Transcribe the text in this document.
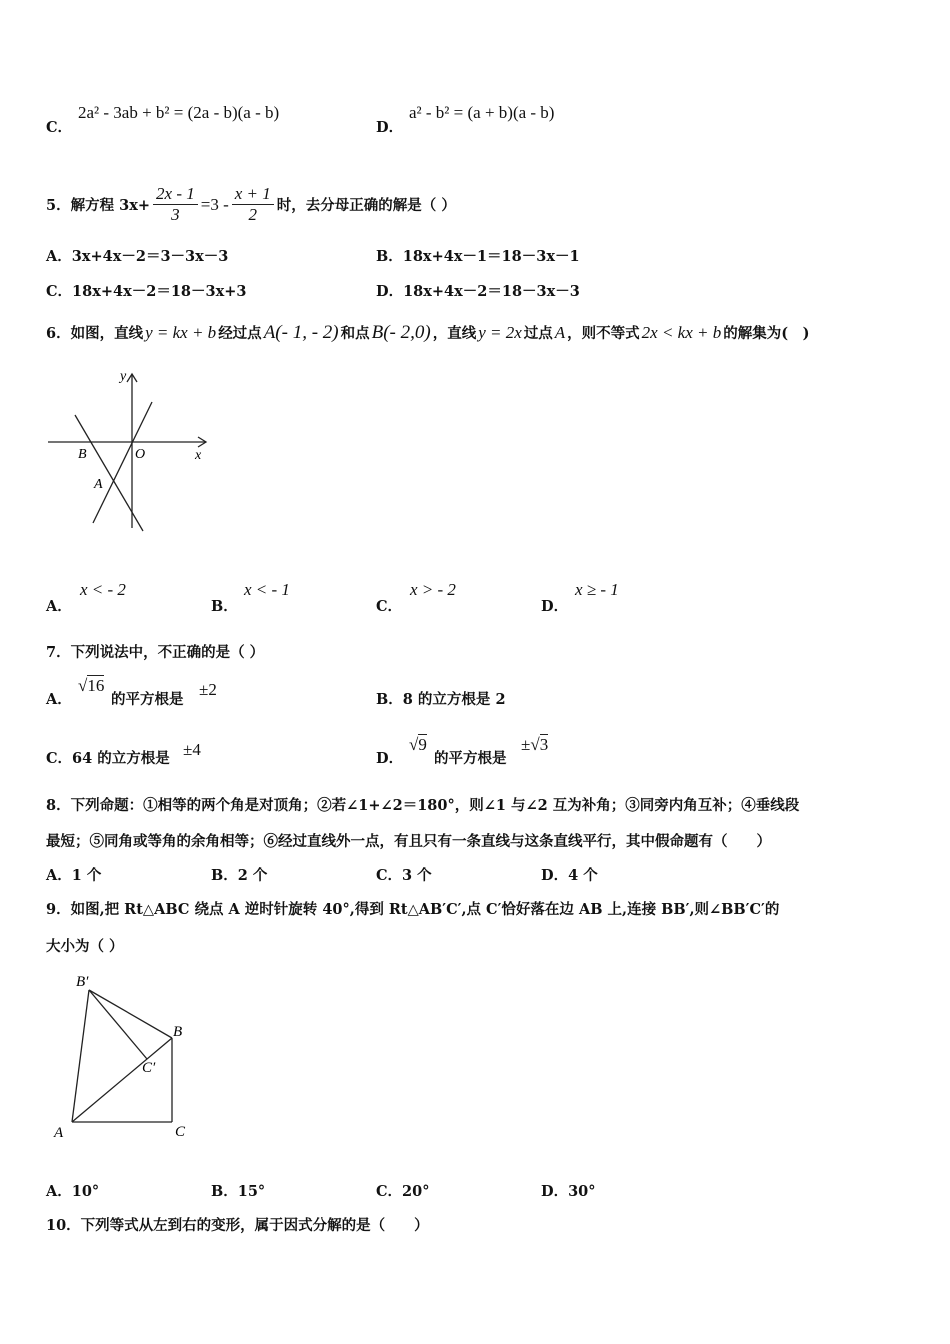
C．
2a² - 3ab + b² = (2a - b)(a - b)
D．
a² - b² = (a + b)(a - b)
5．解方程 $3x+ \frac{2x - 1}{3} =3 - \frac{x + 1}{2}$ 时，去分母正确的解是（ ）
A．3x+4x－2＝3－3x－3	B．18x+4x－1＝18－3x－1
C．18x+4x－2＝18－3x+3	D．18x+4x－2＝18－3x－3
6．如图，直线 y = kx + b 经过点 A(- 1, - 2) 和点 B(- 2,0) ，直线 y = 2x 过点 A ，则不等式 2x < kx + b 的解集为(　)
y
x
O
B
A
A．
x < - 2
B．
x < - 1
C．
x > - 2
D．
x ≥ - 1
7．下列说法中，不正确的是（ ）
A．
√16
的平方根是
±2
B．8 的立方根是 2
C．64 的立方根是 ±4	D．
√9
的平方根是
±√3
8．下列命题：①相等的两个角是对顶角；②若∠1+∠2＝180°，则∠1 与∠2 互为补角；③同旁内角互补；④垂线段
最短；⑤同角或等角的余角相等；⑥经过直线外一点，有且只有一条直线与这条直线平行，其中假命题有（　　）
A．1 个	B．2 个	C．3 个	D．4 个
9．如图,把 Rt△ABC 绕点 A 逆时针旋转 40°,得到 Rt△AB′C′,点 C′恰好落在边 AB 上,连接 BB′,则∠BB′C′的
大小为（ ）
B′
B
C′
A	C
A．10°	B．15°	C．20°	D．30°
10．下列等式从左到右的变形，属于因式分解的是（　　）
